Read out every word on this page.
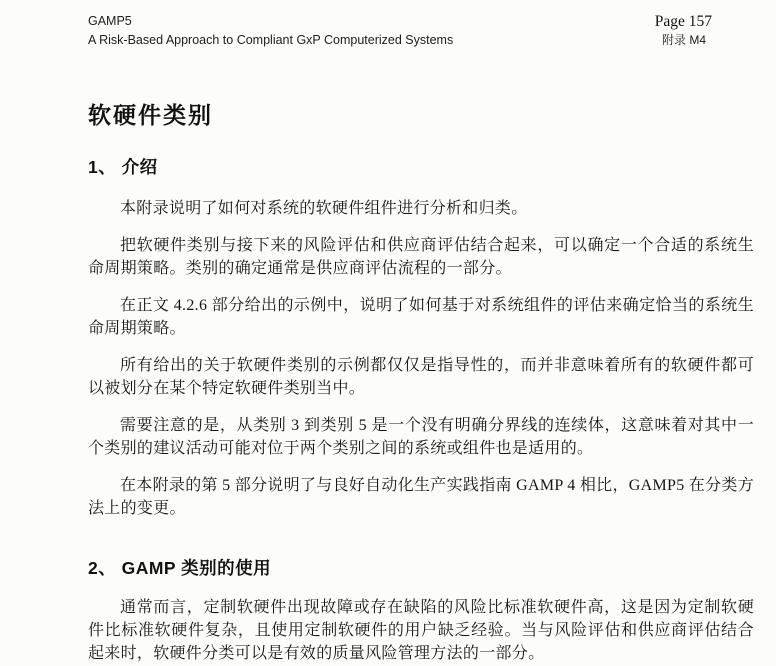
GAMP5
A Risk-Based Approach to Compliant GxP Computerized Systems
Page 157
附录 M4
软硬件类别
1、 介绍

本附录说明了如何对系统的软硬件组件进行分析和归类。

把软硬件类别与接下来的风险评估和供应商评估结合起来，可以确定一个合适的系统生命周期策略。类别的确定通常是供应商评估流程的一部分。

在正文 4.2.6 部分给出的示例中，说明了如何基于对系统组件的评估来确定恰当的系统生命周期策略。

所有给出的关于软硬件类别的示例都仅仅是指导性的，而并非意味着所有的软硬件都可以被划分在某个特定软硬件类别当中。

需要注意的是，从类别 3 到类别 5 是一个没有明确分界线的连续体，这意味着对其中一个类别的建议活动可能对位于两个类别之间的系统或组件也是适用的。

在本附录的第 5 部分说明了与良好自动化生产实践指南 GAMP 4 相比，GAMP5 在分类方法上的变更。

2、 GAMP 类别的使用

通常而言，定制软硬件出现故障或存在缺陷的风险比标准软硬件高，这是因为定制软硬件比标准软硬件复杂，且使用定制软硬件的用户缺乏经验。当与风险评估和供应商评估结合起来时，软硬件分类可以是有效的质量风险管理方法的一部分。
